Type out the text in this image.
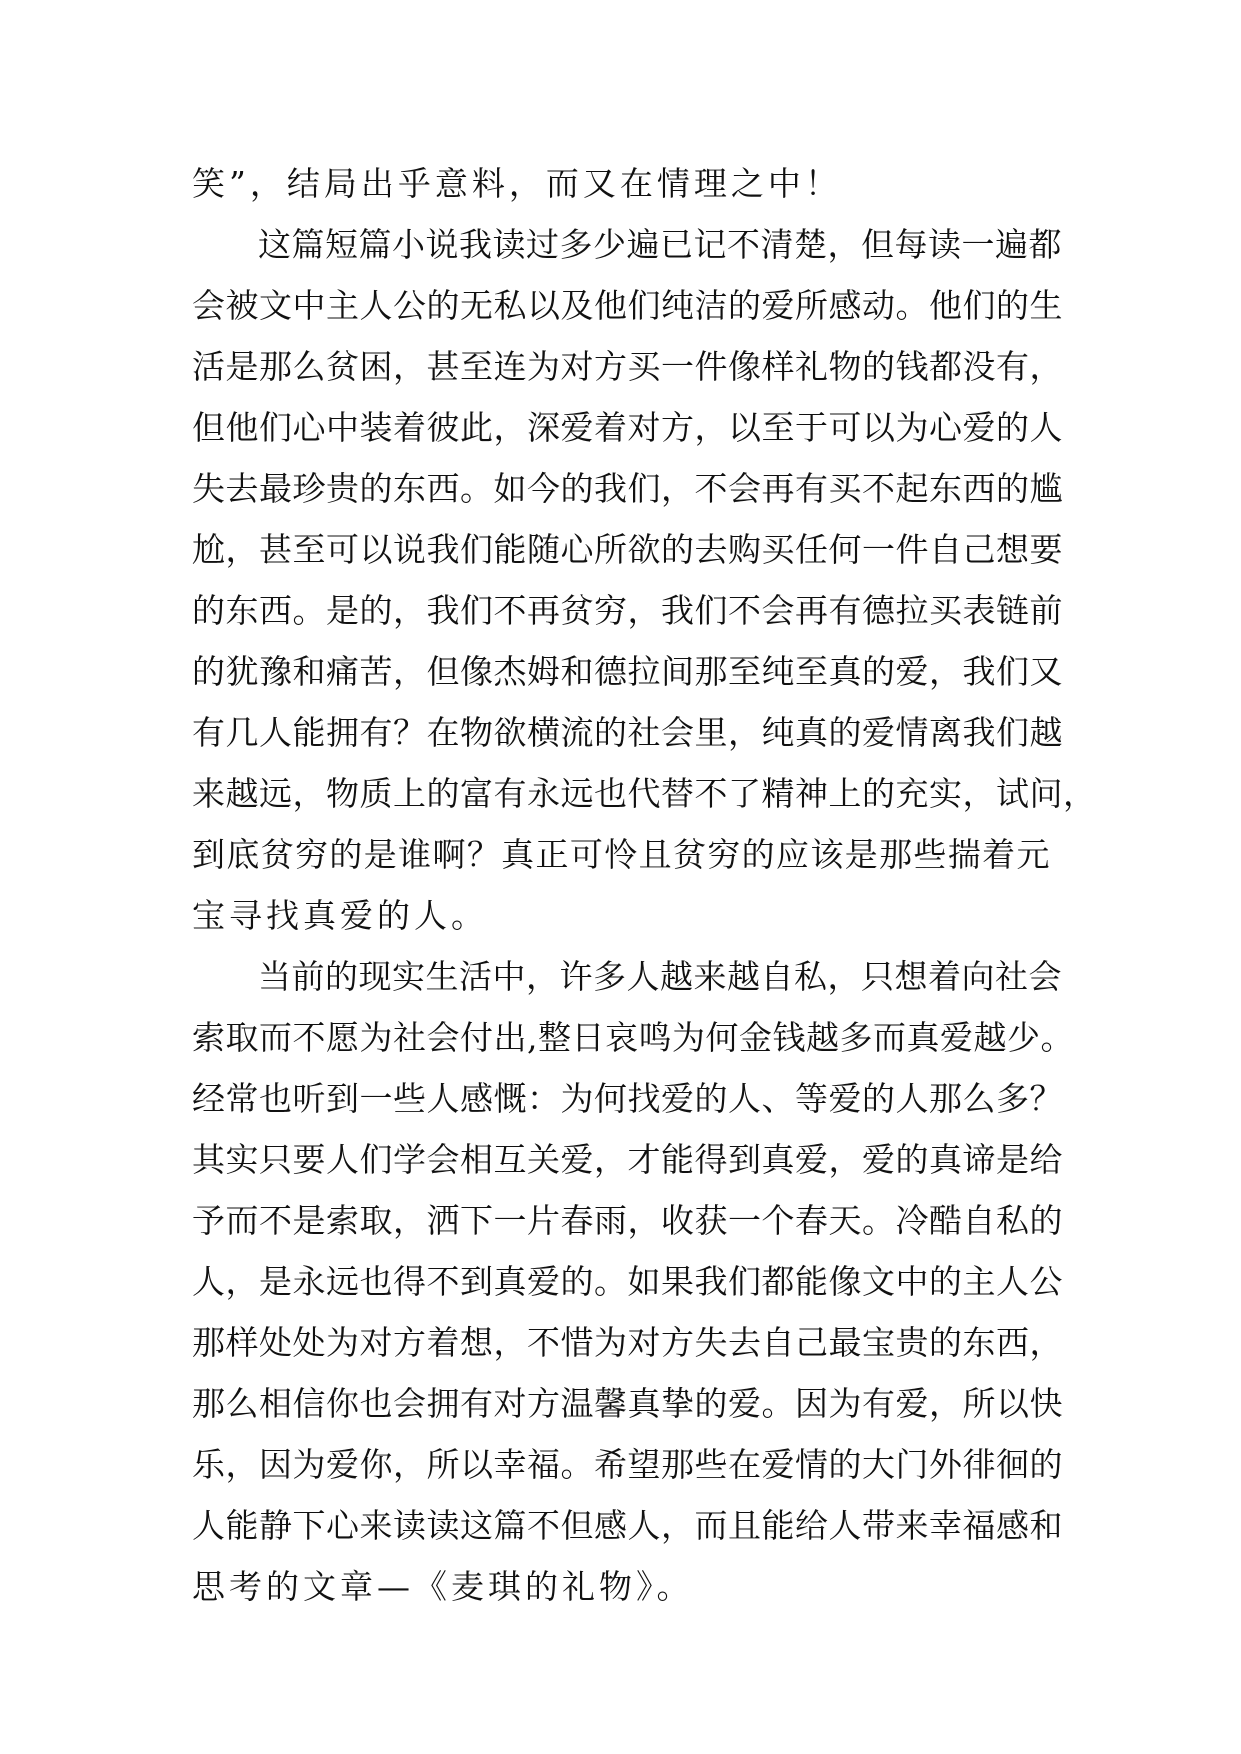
笑”，结局出乎意料，而又在情理之中！
这篇短篇小说我读过多少遍已记不清楚，但每读一遍都
会被文中主人公的无私以及他们纯洁的爱所感动。他们的生
活是那么贫困，甚至连为对方买一件像样礼物的钱都没有，
但他们心中装着彼此，深爱着对方，以至于可以为心爱的人
失去最珍贵的东西。如今的我们，不会再有买不起东西的尴
尬，甚至可以说我们能随心所欲的去购买任何一件自己想要
的东西。是的，我们不再贫穷，我们不会再有德拉买表链前
的犹豫和痛苦，但像杰姆和德拉间那至纯至真的爱，我们又
有几人能拥有？在物欲横流的社会里，纯真的爱情离我们越
来越远，物质上的富有永远也代替不了精神上的充实，试问，
到底贫穷的是谁啊？真正可怜且贫穷的应该是那些揣着元
宝寻找真爱的人。
当前的现实生活中，许多人越来越自私，只想着向社会
索取而不愿为社会付出,整日哀鸣为何金钱越多而真爱越少。
经常也听到一些人感慨：为何找爱的人、等爱的人那么多？
其实只要人们学会相互关爱，才能得到真爱，爱的真谛是给
予而不是索取，洒下一片春雨，收获一个春天。冷酷自私的
人，是永远也得不到真爱的。如果我们都能像文中的主人公
那样处处为对方着想，不惜为对方失去自己最宝贵的东西，
那么相信你也会拥有对方温馨真挚的爱。因为有爱，所以快
乐，因为爱你，所以幸福。希望那些在爱情的大门外徘徊的
人能静下心来读读这篇不但感人，而且能给人带来幸福感和
思考的文章—《麦琪的礼物》。
